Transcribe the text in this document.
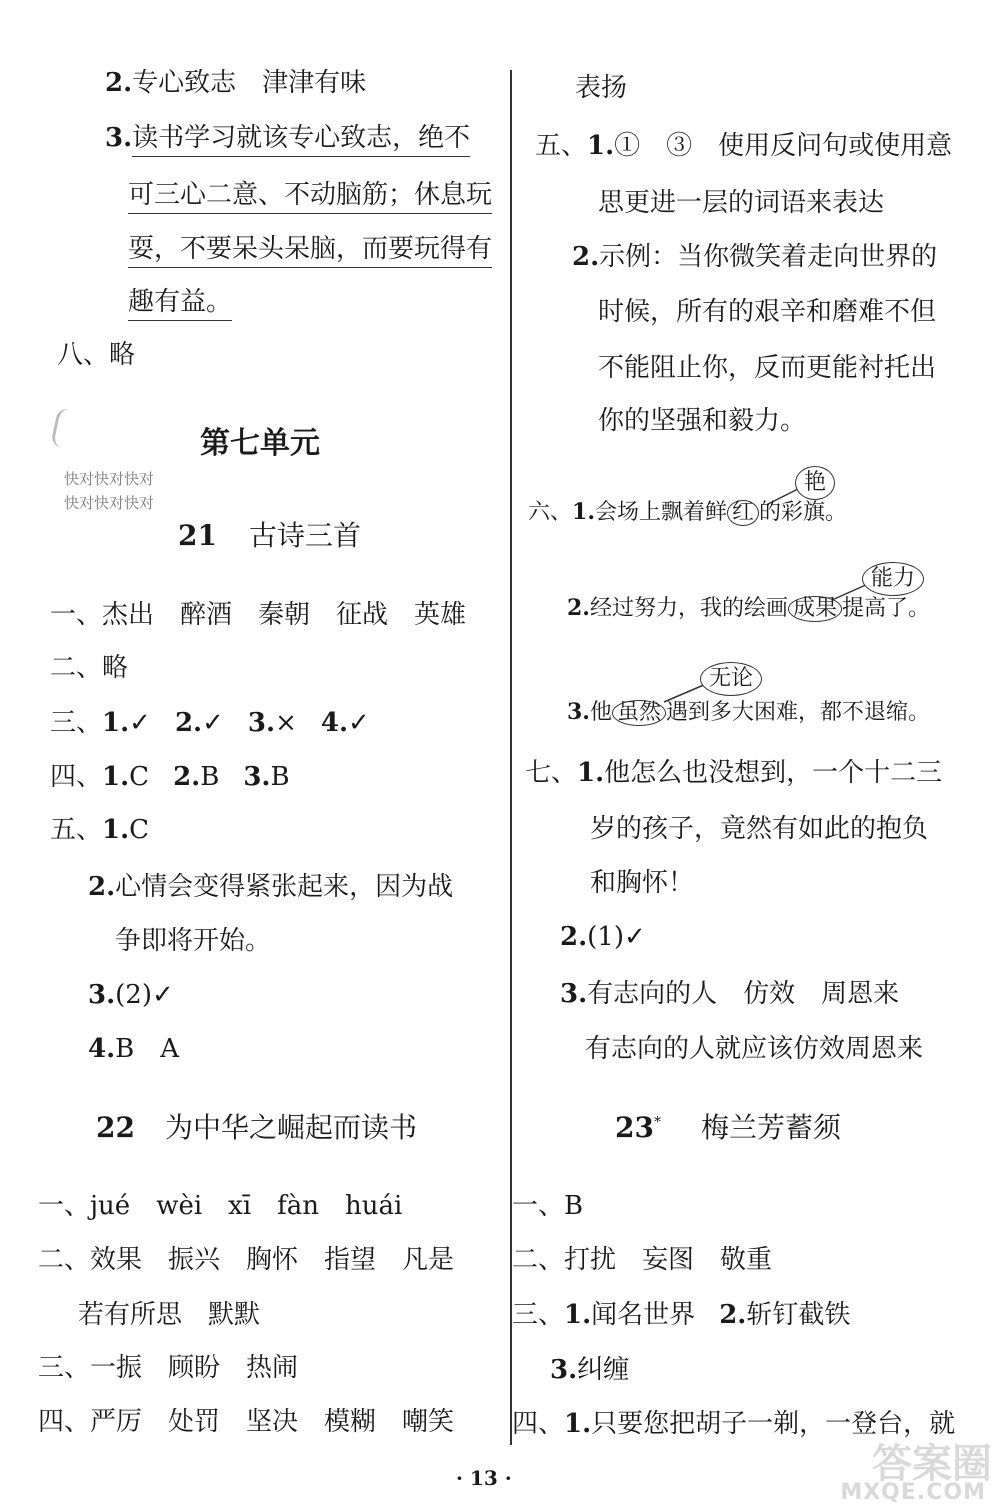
2.专心致志　津津有味
3.读书学习就该专心致志，绝不
可三心二意、不动脑筋；休息玩
耍，不要呆头呆脑，而要玩得有
趣有益。
八、略
第七单元
快对快对快对
快对快对快对
21 古诗三首
一、杰出　醉酒　秦朝　征战　英雄
二、略
三、1.✓ 2.✓ 3.× 4.✓
四、1.C 2.B 3.B
五、1.C
2.心情会变得紧张起来，因为战
争即将开始。
3.(2)✓
4.B　A
22 为中华之崛起而读书
一、jué　wèi　xī　fàn　huái
二、效果　振兴　胸怀　指望　凡是
若有所思　默默
三、一振　顾盼　热闹
四、严厉　处罚　坚决　模糊　嘲笑
表扬
五、1.①　③　使用反问句或使用意
思更进一层的词语来表达
2.示例：当你微笑着走向世界的
时候，所有的艰辛和磨难不但
不能阻止你，反而更能衬托出
你的坚强和毅力。
六、1.会场上飘着鲜 红 的彩旗。
艳
2.经过努力，我的绘画 成果 提高了。
能力
3.他 虽然 遇到多大困难，都不退缩。
无论
七、1.他怎么也没想到，一个十二三
岁的孩子，竟然有如此的抱负
和胸怀！
2.(1)✓
3.有志向的人　仿效　周恩来
有志向的人就应该仿效周恩来
23* 梅兰芳蓄须
一、B
二、打扰　妄图　敬重
三、1.闻名世界 2.斩钉截铁
3.纠缠
四、1.只要您把胡子一剃，一登台，就
· 13 ·	答案圈
MXQE.COM
